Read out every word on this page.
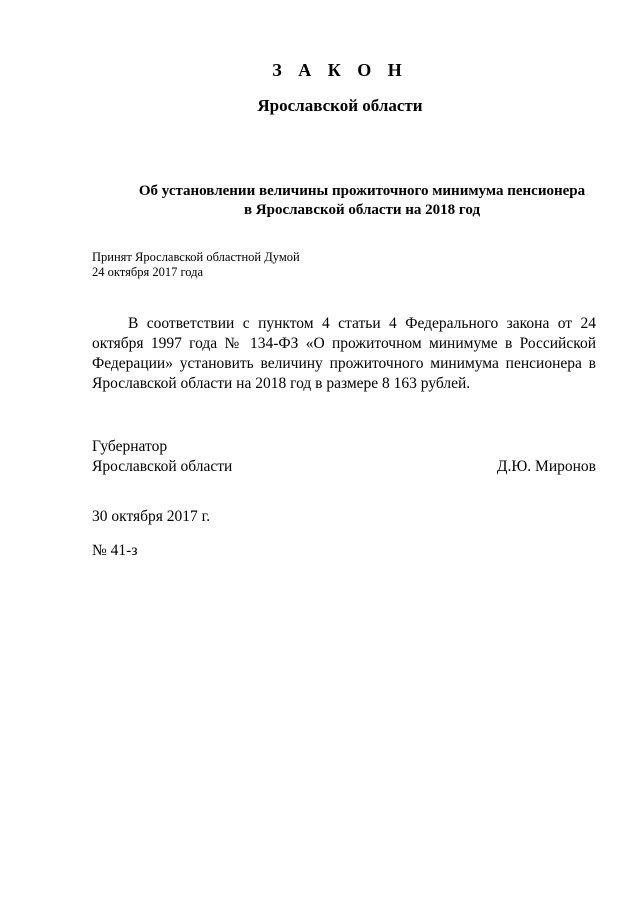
З А К О Н
Ярославской области
Об установлении величины прожиточного минимума пенсионера
в Ярославской области на 2018 год
Принят Ярославской областной Думой
24 октября 2017 года
В соответствии с пунктом 4 статьи 4 Федерального закона от 24 октября 1997 года № 134-ФЗ «О прожиточном минимуме в Российской Федерации» установить величину прожиточного минимума пенсионера в Ярославской области на 2018 год в размере 8 163 рублей.
Губернатор
Ярославской области	Д.Ю. Миронов
30 октября 2017 г.
№ 41-з
